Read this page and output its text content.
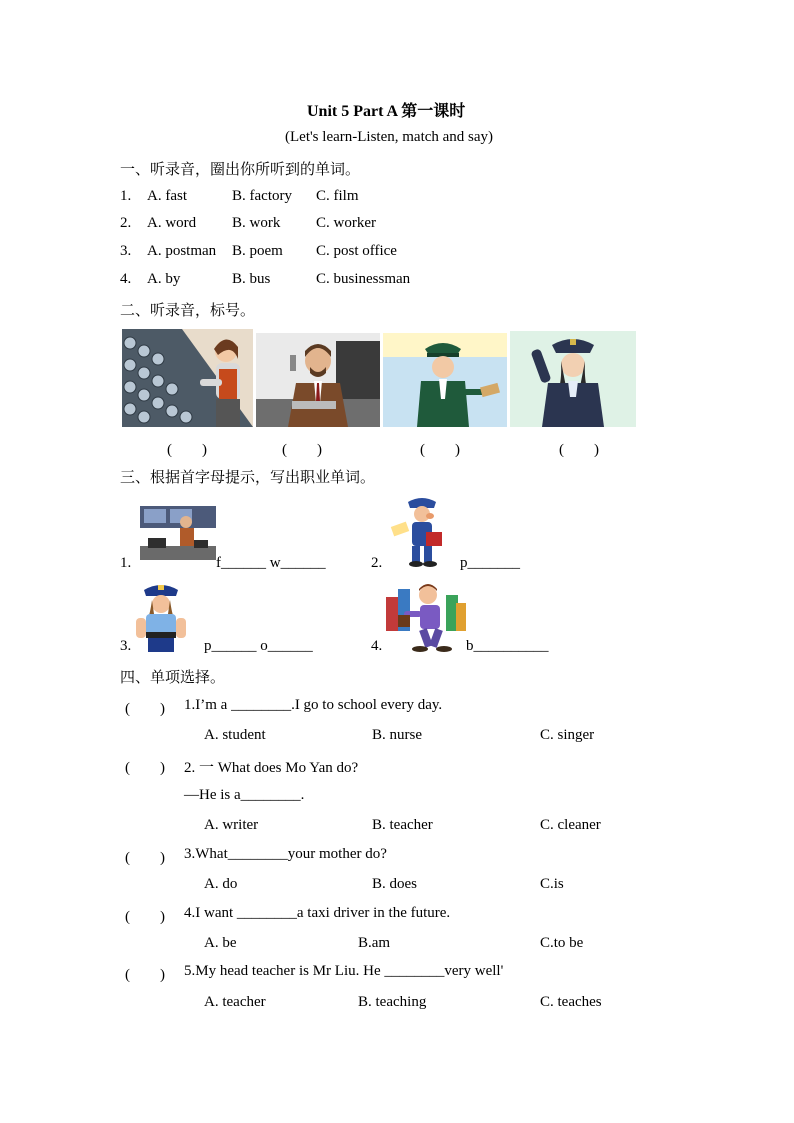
Unit 5 Part A 第一课时
(Let's learn-Listen, match and say)
一、听录音，圈出你所听到的单词。
1. A. fast	B. factory C. film
2. A. word B. work C. worker
3. A. postman B. poem C. post office
4. A. by	B. bus	C. businessman
二、听录音，标号。
(　　)	(　　)	(　　)	(　　)
三、根据首字母提示，写出职业单词。
1.	f______ w______	2.	p_______
3.	p______ o______	4.	b__________
四、单项选择。
(　　) 1.I’m a ________.I go to school every day.
A. student	B. nurse	C. singer
(　　) 2. 一 What does Mo Yan do?
—He is a________.
A. writer	B. teacher	C. cleaner
(　　) 3.What________your mother do?
A. do	B. does	C.is
(　　) 4.I want ________a taxi driver in the future.
A. be	B.am	C.to be
(　　) 5.My head teacher is Mr Liu. He ________very well'
A. teacher	B. teaching	C. teaches
